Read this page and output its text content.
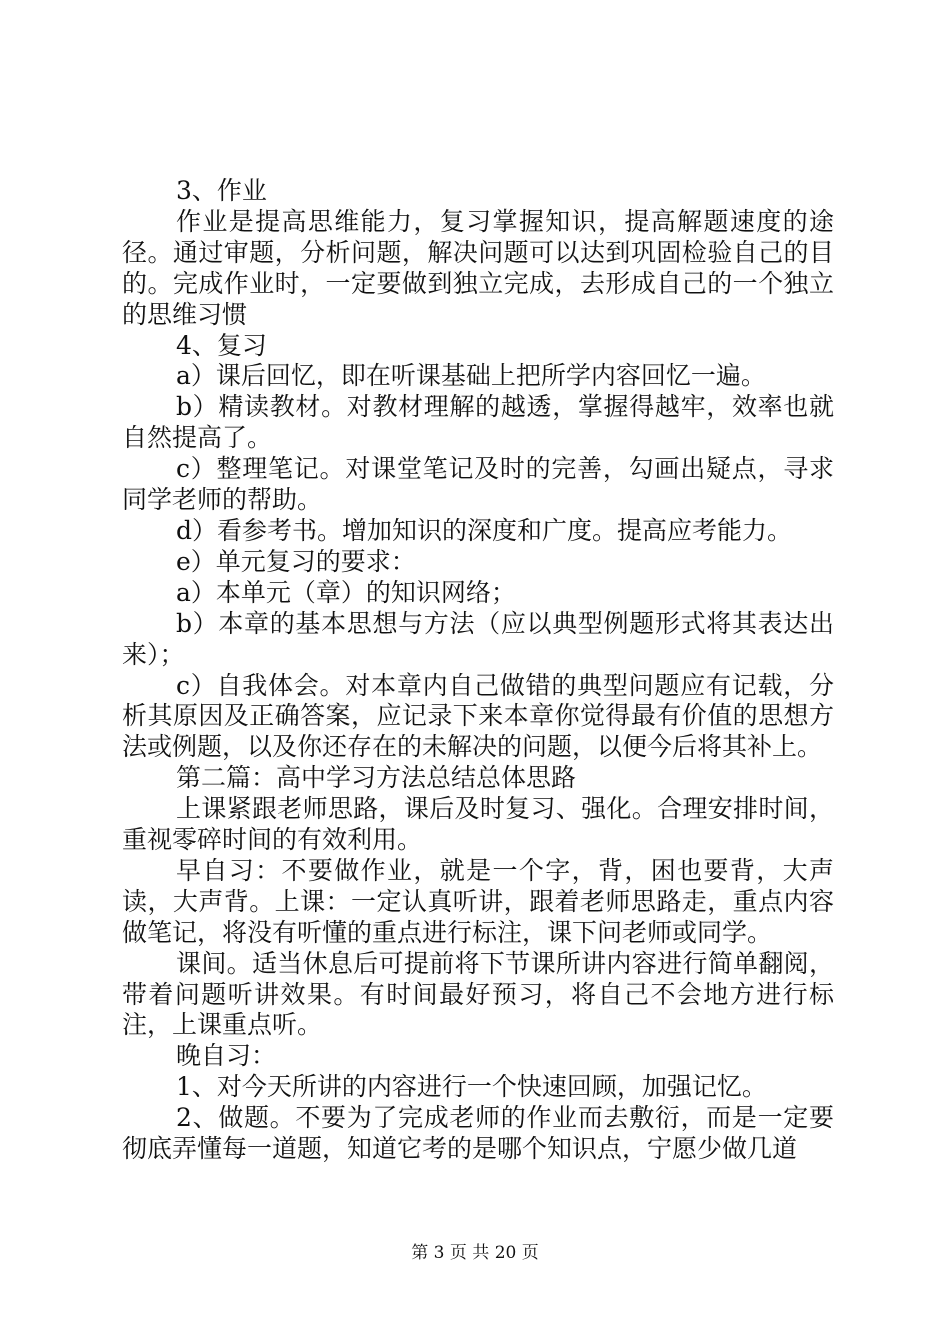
3、作业

作业是提高思维能力，复习掌握知识，提高解题速度的途径。通过审题，分析问题，解决问题可以达到巩固检验自己的目的。完成作业时，一定要做到独立完成，去形成自己的一个独立的思维习惯

4、复习

a）课后回忆，即在听课基础上把所学内容回忆一遍。

b）精读教材。对教材理解的越透，掌握得越牢，效率也就自然提高了。

c）整理笔记。对课堂笔记及时的完善，勾画出疑点，寻求同学老师的帮助。

d）看参考书。增加知识的深度和广度。提高应考能力。

e）单元复习的要求：

a）本单元（章）的知识网络；

b）本章的基本思想与方法（应以典型例题形式将其表达出来）；

c）自我体会。对本章内自己做错的典型问题应有记载，分析其原因及正确答案，应记录下来本章你觉得最有价值的思想方法或例题，以及你还存在的未解决的问题，以便今后将其补上。

第二篇：高中学习方法总结总体思路

上课紧跟老师思路，课后及时复习、强化。合理安排时间，重视零碎时间的有效利用。

早自习：不要做作业，就是一个字，背，困也要背，大声读，大声背。上课：一定认真听讲，跟着老师思路走，重点内容做笔记，将没有听懂的重点进行标注，课下问老师或同学。

课间。适当休息后可提前将下节课所讲内容进行简单翻阅，带着问题听讲效果。有时间最好预习，将自己不会地方进行标注，上课重点听。

晚自习：

1、对今天所讲的内容进行一个快速回顾，加强记忆。

2、做题。不要为了完成老师的作业而去敷衍，而是一定要彻底弄懂每一道题，知道它考的是哪个知识点，宁愿少做几道

第 3 页 共 20 页
